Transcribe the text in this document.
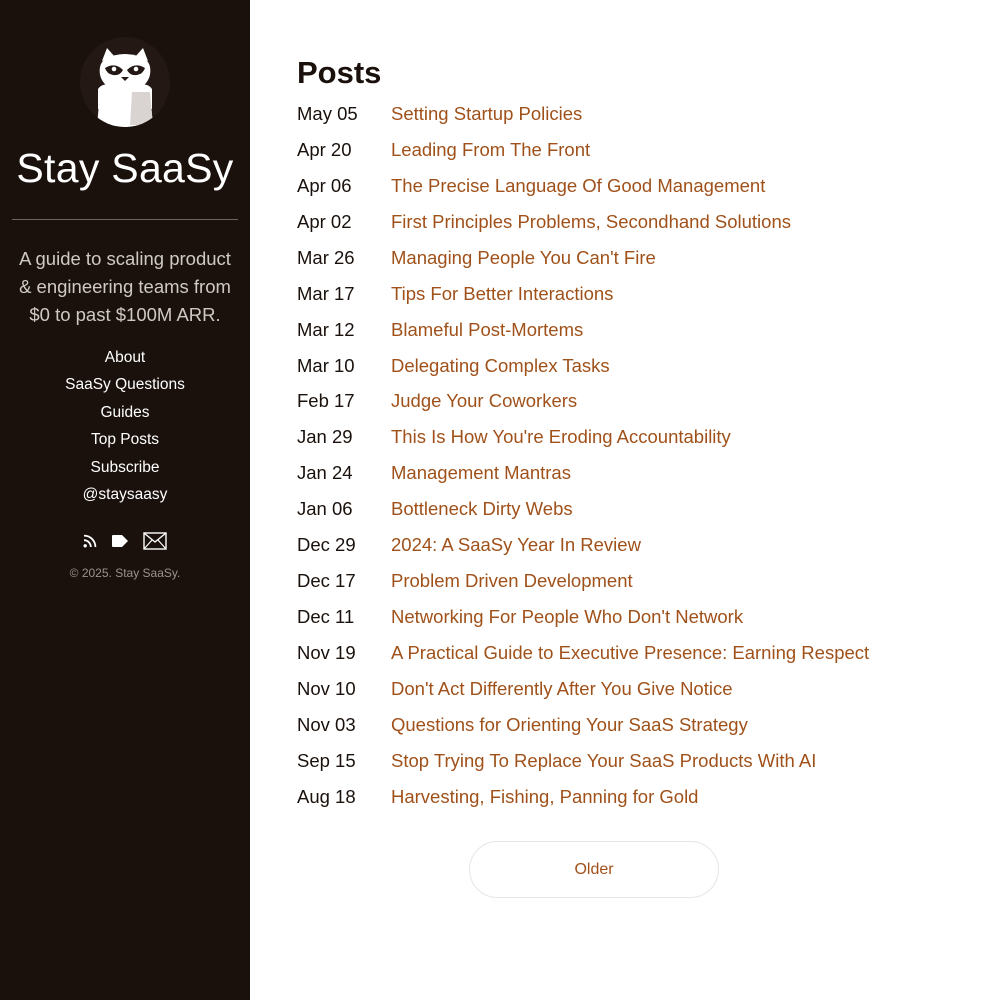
Stay SaaSy
A guide to scaling product & engineering teams from $0 to past $100M ARR.
About
SaaSy Questions
Guides
Top Posts
Subscribe
@staysaasy
© 2025. Stay SaaSy.
Posts
May 05	Setting Startup Policies
Apr 20	Leading From The Front
Apr 06	The Precise Language Of Good Management
Apr 02	First Principles Problems, Secondhand Solutions
Mar 26	Managing People You Can't Fire
Mar 17	Tips For Better Interactions
Mar 12	Blameful Post-Mortems
Mar 10	Delegating Complex Tasks
Feb 17	Judge Your Coworkers
Jan 29	This Is How You're Eroding Accountability
Jan 24	Management Mantras
Jan 06	Bottleneck Dirty Webs
Dec 29	2024: A SaaSy Year In Review
Dec 17	Problem Driven Development
Dec 11	Networking For People Who Don't Network
Nov 19	A Practical Guide to Executive Presence: Earning Respect
Nov 10	Don't Act Differently After You Give Notice
Nov 03	Questions for Orienting Your SaaS Strategy
Sep 15	Stop Trying To Replace Your SaaS Products With AI
Aug 18	Harvesting, Fishing, Panning for Gold
Older
